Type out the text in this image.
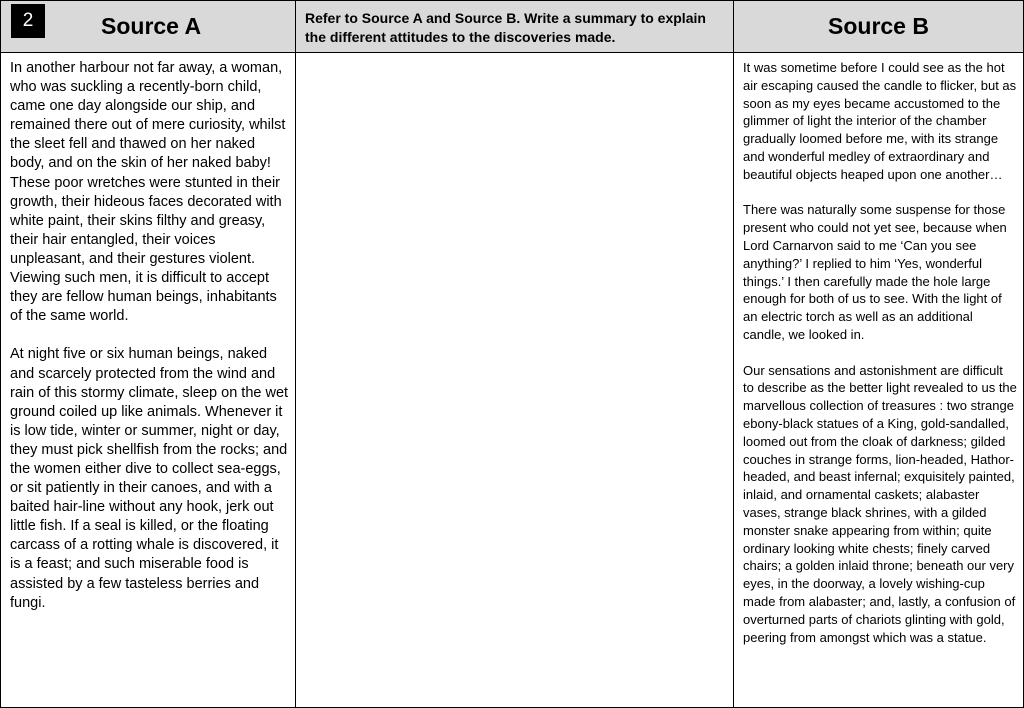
2	Source A
In another harbour not far away, a woman, who was suckling a recently-born child, came one day alongside our ship, and remained there out of mere curiosity, whilst the sleet fell and thawed on her naked body, and on the skin of her naked baby! These poor wretches were stunted in their growth, their hideous faces decorated with white paint, their skins filthy and greasy, their hair entangled, their voices unpleasant, and their gestures violent. Viewing such men, it is difficult to accept they are fellow human beings, inhabitants of the same world.

At night five or six human beings, naked and scarcely protected from the wind and rain of this stormy climate, sleep on the wet ground coiled up like animals. Whenever it is low tide, winter or summer, night or day, they must pick shellfish from the rocks; and the women either dive to collect sea-eggs, or sit patiently in their canoes, and with a baited hair-line without any hook, jerk out little fish. If a seal is killed, or the floating carcass of a rotting whale is discovered, it is a feast; and such miserable food is assisted by a few tasteless berries and fungi.
Refer to Source A and Source B. Write a summary to explain the different attitudes to the discoveries made.	Source B
It was sometime before I could see as the hot air escaping caused the candle to flicker, but as soon as my eyes became accustomed to the glimmer of light the interior of the chamber gradually loomed before me, with its strange and wonderful medley of extraordinary and beautiful objects heaped upon one another…

There was naturally some suspense for those present who could not yet see, because when Lord Carnarvon said to me ‘Can you see anything?’ I replied to him ‘Yes, wonderful things.’ I then carefully made the hole large enough for both of us to see. With the light of an electric torch as well as an additional candle, we looked in.

Our sensations and astonishment are difficult to describe as the better light revealed to us the marvellous collection of treasures : two strange ebony-black statues of a King, gold-sandalled, loomed out from the cloak of darkness; gilded couches in strange forms, lion-headed, Hathor-headed, and beast infernal; exquisitely painted, inlaid, and ornamental caskets; alabaster vases, strange black shrines, with a gilded monster snake appearing from within; quite ordinary looking white chests; finely carved chairs; a golden inlaid throne; beneath our very eyes, in the doorway, a lovely wishing-cup made from alabaster; and, lastly, a confusion of overturned parts of chariots glinting with gold, peering from amongst which was a statue.
